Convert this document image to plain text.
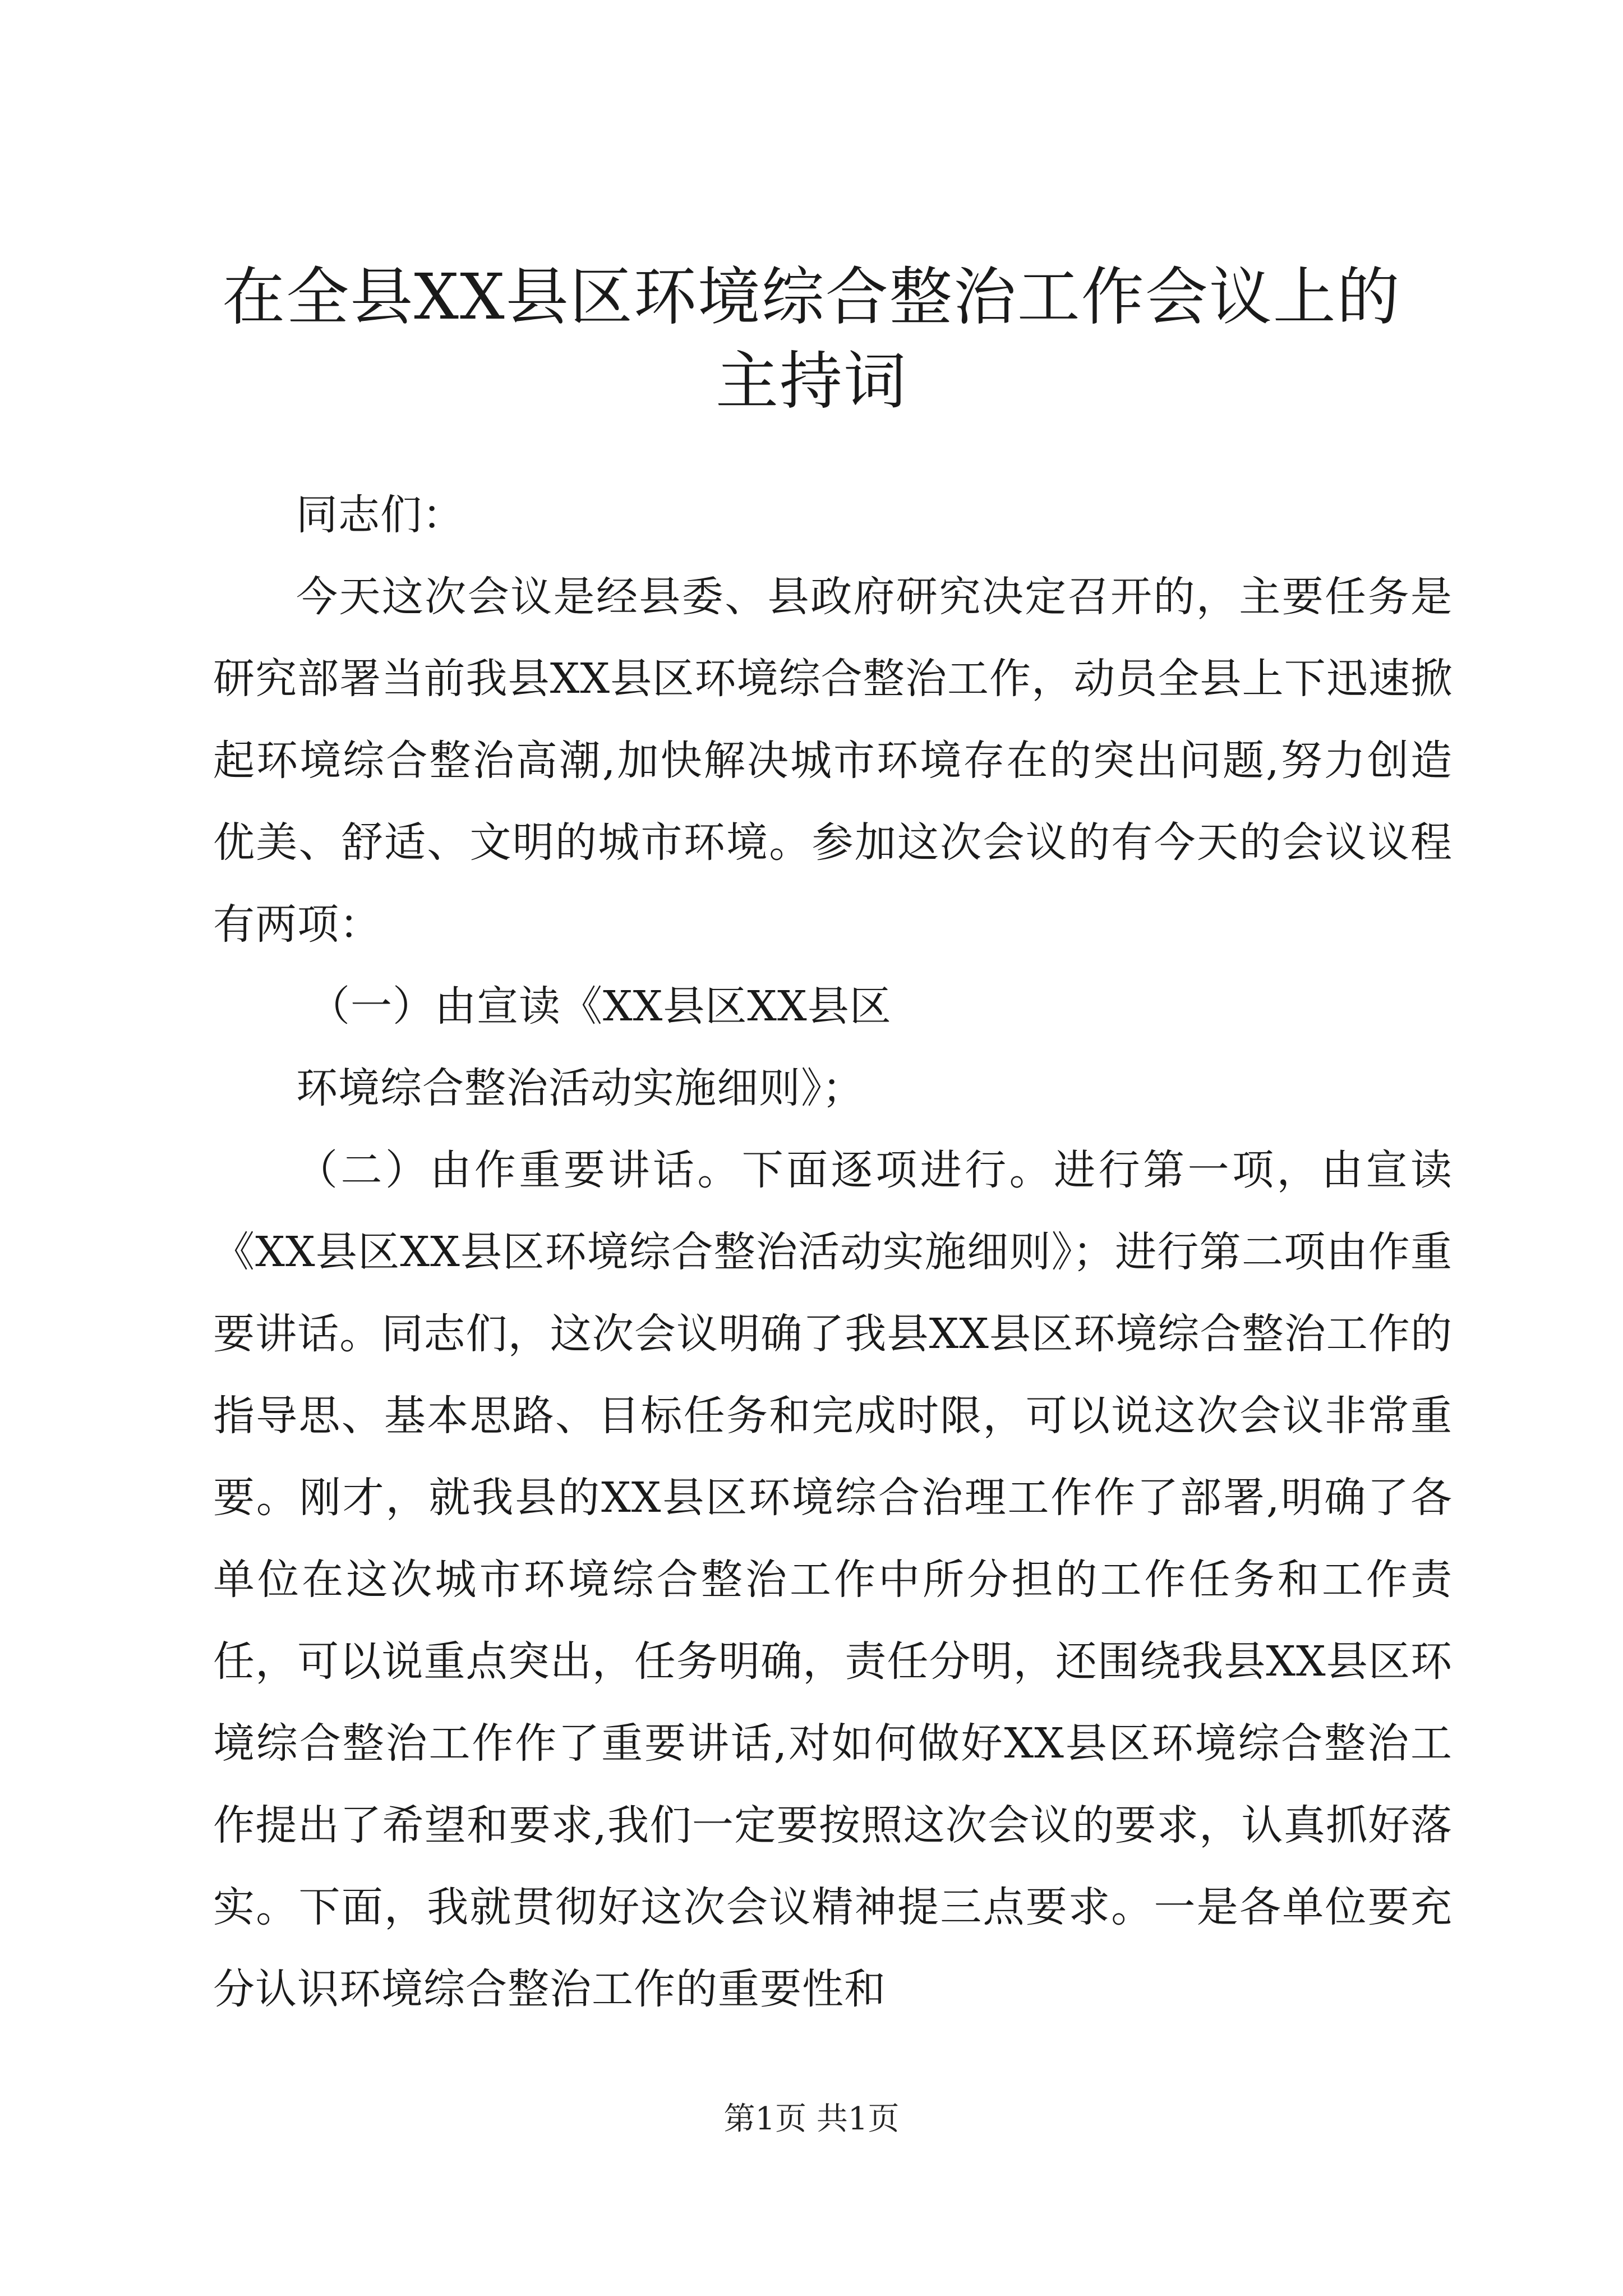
在全县XX县区环境综合整治工作会议上的主持词

同志们：

今天这次会议是经县委、县政府研究决定召开的，主要任务是研究部署当前我县XX县区环境综合整治工作，动员全县上下迅速掀起环境综合整治高潮,加快解决城市环境存在的突出问题,努力创造优美、舒适、文明的城市环境。参加这次会议的有今天的会议议程有两项：

（一）由宣读《XX县区XX县区

环境综合整治活动实施细则》；

（二）由作重要讲话。下面逐项进行。进行第一项，由宣读《XX县区XX县区环境综合整治活动实施细则》；进行第二项由作重要讲话。同志们，这次会议明确了我县XX县区环境综合整治工作的指导思、基本思路、目标任务和完成时限，可以说这次会议非常重要。刚才，就我县的XX县区环境综合治理工作作了部署,明确了各单位在这次城市环境综合整治工作中所分担的工作任务和工作责任，可以说重点突出，任务明确，责任分明，还围绕我县XX县区环境综合整治工作作了重要讲话,对如何做好XX县区环境综合整治工作提出了希望和要求,我们一定要按照这次会议的要求，认真抓好落实。下面，我就贯彻好这次会议精神提三点要求。一是各单位要充分认识环境综合整治工作的重要性和

第1页 共1页
